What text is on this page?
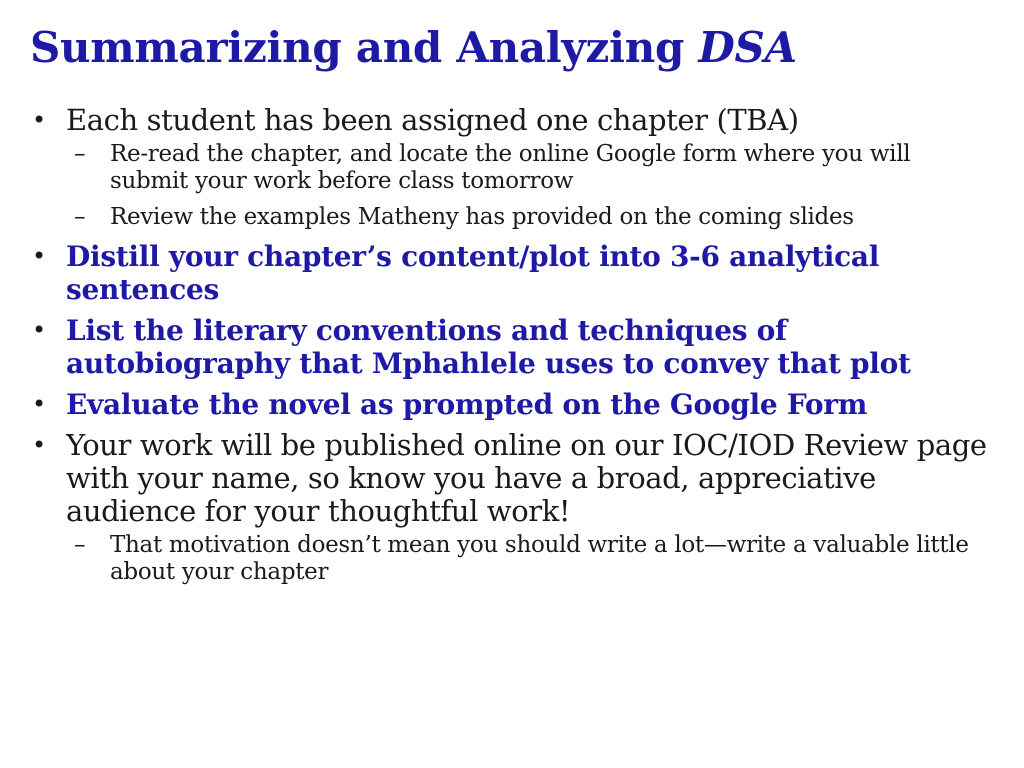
Summarizing and Analyzing DSA
• Each student has been assigned one chapter (TBA)
– Re-read the chapter, and locate the online Google form where you will submit your work before class tomorrow
– Review the examples Matheny has provided on the coming slides
• Distill your chapter’s content/plot into 3-6 analytical sentences
• List the literary conventions and techniques of autobiography that Mphahlele uses to convey that plot
• Evaluate the novel as prompted on the Google Form
• Your work will be published online on our IOC/IOD Review page with your name, so know you have a broad, appreciative audience for your thoughtful work!
– That motivation doesn’t mean you should write a lot—write a valuable little about your chapter
